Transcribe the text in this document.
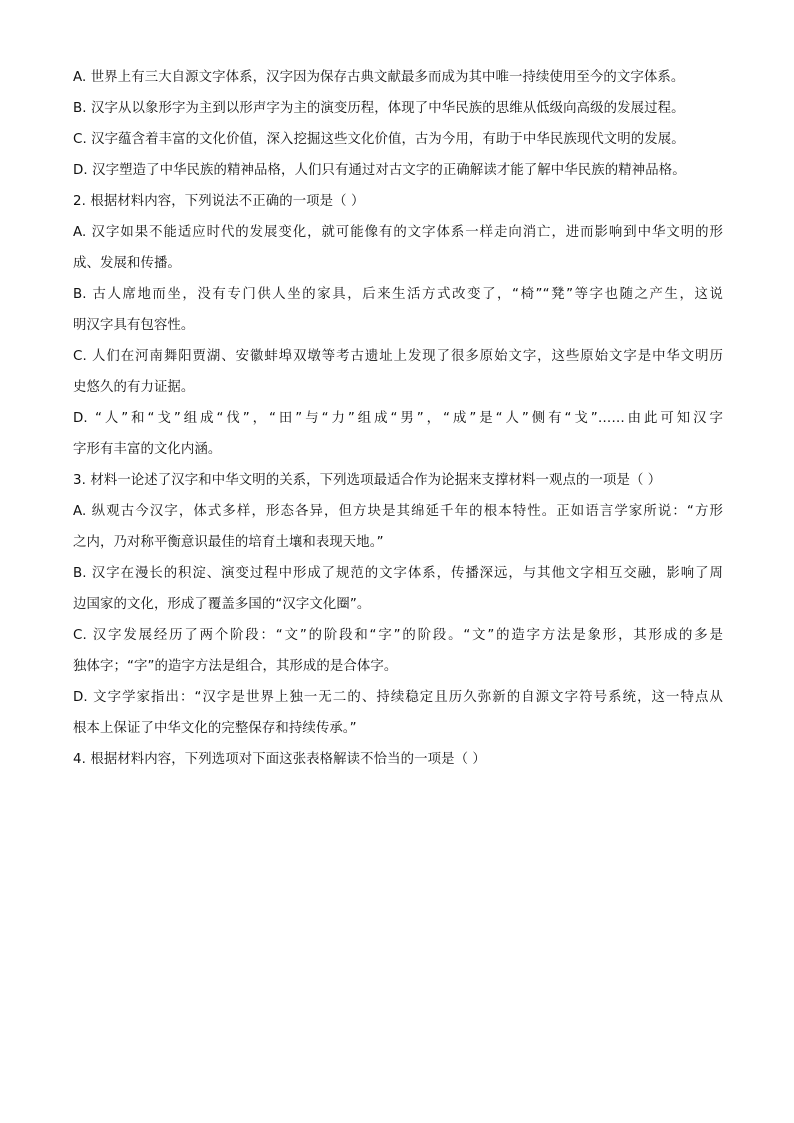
A. 世界上有三大自源文字体系，汉字因为保存古典文献最多而成为其中唯一持续使用至今的文字体系。
B. 汉字从以象形字为主到以形声字为主的演变历程，体现了中华民族的思维从低级向高级的发展过程。
C. 汉字蕴含着丰富的文化价值，深入挖掘这些文化价值，古为今用，有助于中华民族现代文明的发展。
D. 汉字塑造了中华民族的精神品格，人们只有通过对古文字的正确解读才能了解中华民族的精神品格。
2. 根据材料内容，下列说法不正确的一项是（ ）
A. 汉字如果不能适应时代的发展变化，就可能像有的文字体系一样走向消亡，进而影响到中华文明的形
成、发展和传播。
B. 古人席地而坐，没有专门供人坐的家具，后来生活方式改变了，“椅”“凳”等字也随之产生，这说
明汉字具有包容性。
C. 人们在河南舞阳贾湖、安徽蚌埠双墩等考古遗址上发现了很多原始文字，这些原始文字是中华文明历
史悠久的有力证据。
D. “人”和“戈”组成“伐”，“田”与“力”组成“男”，“成”是“人”侧有“戈”……由此可知汉字
字形有丰富的文化内涵。
3. 材料一论述了汉字和中华文明的关系，下列选项最适合作为论据来支撑材料一观点的一项是（ ）
A. 纵观古今汉字，体式多样，形态各异，但方块是其绵延千年的根本特性。正如语言学家所说：“方形
之内，乃对称平衡意识最佳的培育土壤和表现天地。”
B. 汉字在漫长的积淀、演变过程中形成了规范的文字体系，传播深远，与其他文字相互交融，影响了周
边国家的文化，形成了覆盖多国的“汉字文化圈”。
C. 汉字发展经历了两个阶段：“文”的阶段和“字”的阶段。“文”的造字方法是象形，其形成的多是
独体字；“字”的造字方法是组合，其形成的是合体字。
D. 文字学家指出：“汉字是世界上独一无二的、持续稳定且历久弥新的自源文字符号系统，这一特点从
根本上保证了中华文化的完整保存和持续传承。”
4. 根据材料内容，下列选项对下面这张表格解读不恰当的一项是（ ）
